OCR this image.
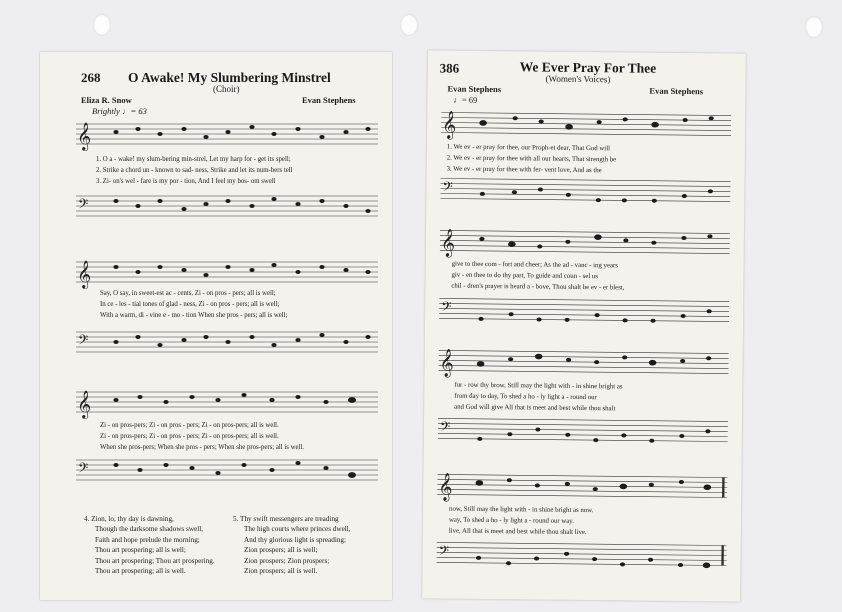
268 O Awake! My Slumbering Minstrel
(Choir)
Eliza R. Snow	Evan Stephens
Brightly ♩= 63
𝄞
1. O a - wake! my slum-bering min-strel, Let my harp for - get its spell;
2. Strike a chord un - known to sad- ness, Strike and let its num-bers tell
3. Zi- on's wel - fare is my por - tion, And I feel my bos- om swell
𝄢
𝄞
Say, O say, in sweet-est ac - cents, Zi - on pros - pers; all is well;
In ce - les - tial tones of glad - ness, Zi - on pros - pers; all is well;
With a warm, di - vine e - mo - tion When she pros - pers; all is well;
𝄢
𝄞
Zi - on pros-pers; Zi - on pros - pers; Zi - on pros-pers; all is well.
Zi - on pros-pers; Zi - on pros - pers; Zi - on pros-pers; all is well.
When she pros-pers; When she pros - pers; When she pros-pers; all is well.
𝄢
4. Zion, lo, thy day is dawning,
Though the darksome shadows swell,
Faith and hope prelude the morning;
Thou art prospering; all is well;
Thou art prospering; Thou art prospering.
Thou art prospering; all is well.
5. Thy swift messengers are treading
The high courts where princes dwell,
And thy glorious light is spreading;
Zion prospers; all is well;
Zion prospers; Zion prospers;
Zion prospers; all is well.
386	We Ever Pray For Thee
(Women's Voices)
Evan Stephens	Evan Stephens
♩= 69
𝄞
1. We ev - er pray for thee, our Proph-et dear, That God will
2. We ev - er pray for thee with all our hearts, That strength be
3. We ev - er pray for thee with fer- vent love, And as the
𝄢
𝄞
give to thee com - fort and cheer; As the ad - vanc - ing years
giv - en thee to do thy part, To guide and coun - sel us
chil - dren's prayer is heard a - bove, Thou shalt be ev - er blest,
𝄢
𝄞
fur - row thy brow, Still may the light with - in shine bright as
from day to day, To shed a ho - ly light a - round our
and God will give All that is meet and best while thou shalt
𝄢
𝄞
now, Still may the light with - in shine bright as now.
way, To shed a ho - ly light a - round our way.
live, All that is meet and best while thou shalt live.
𝄢
